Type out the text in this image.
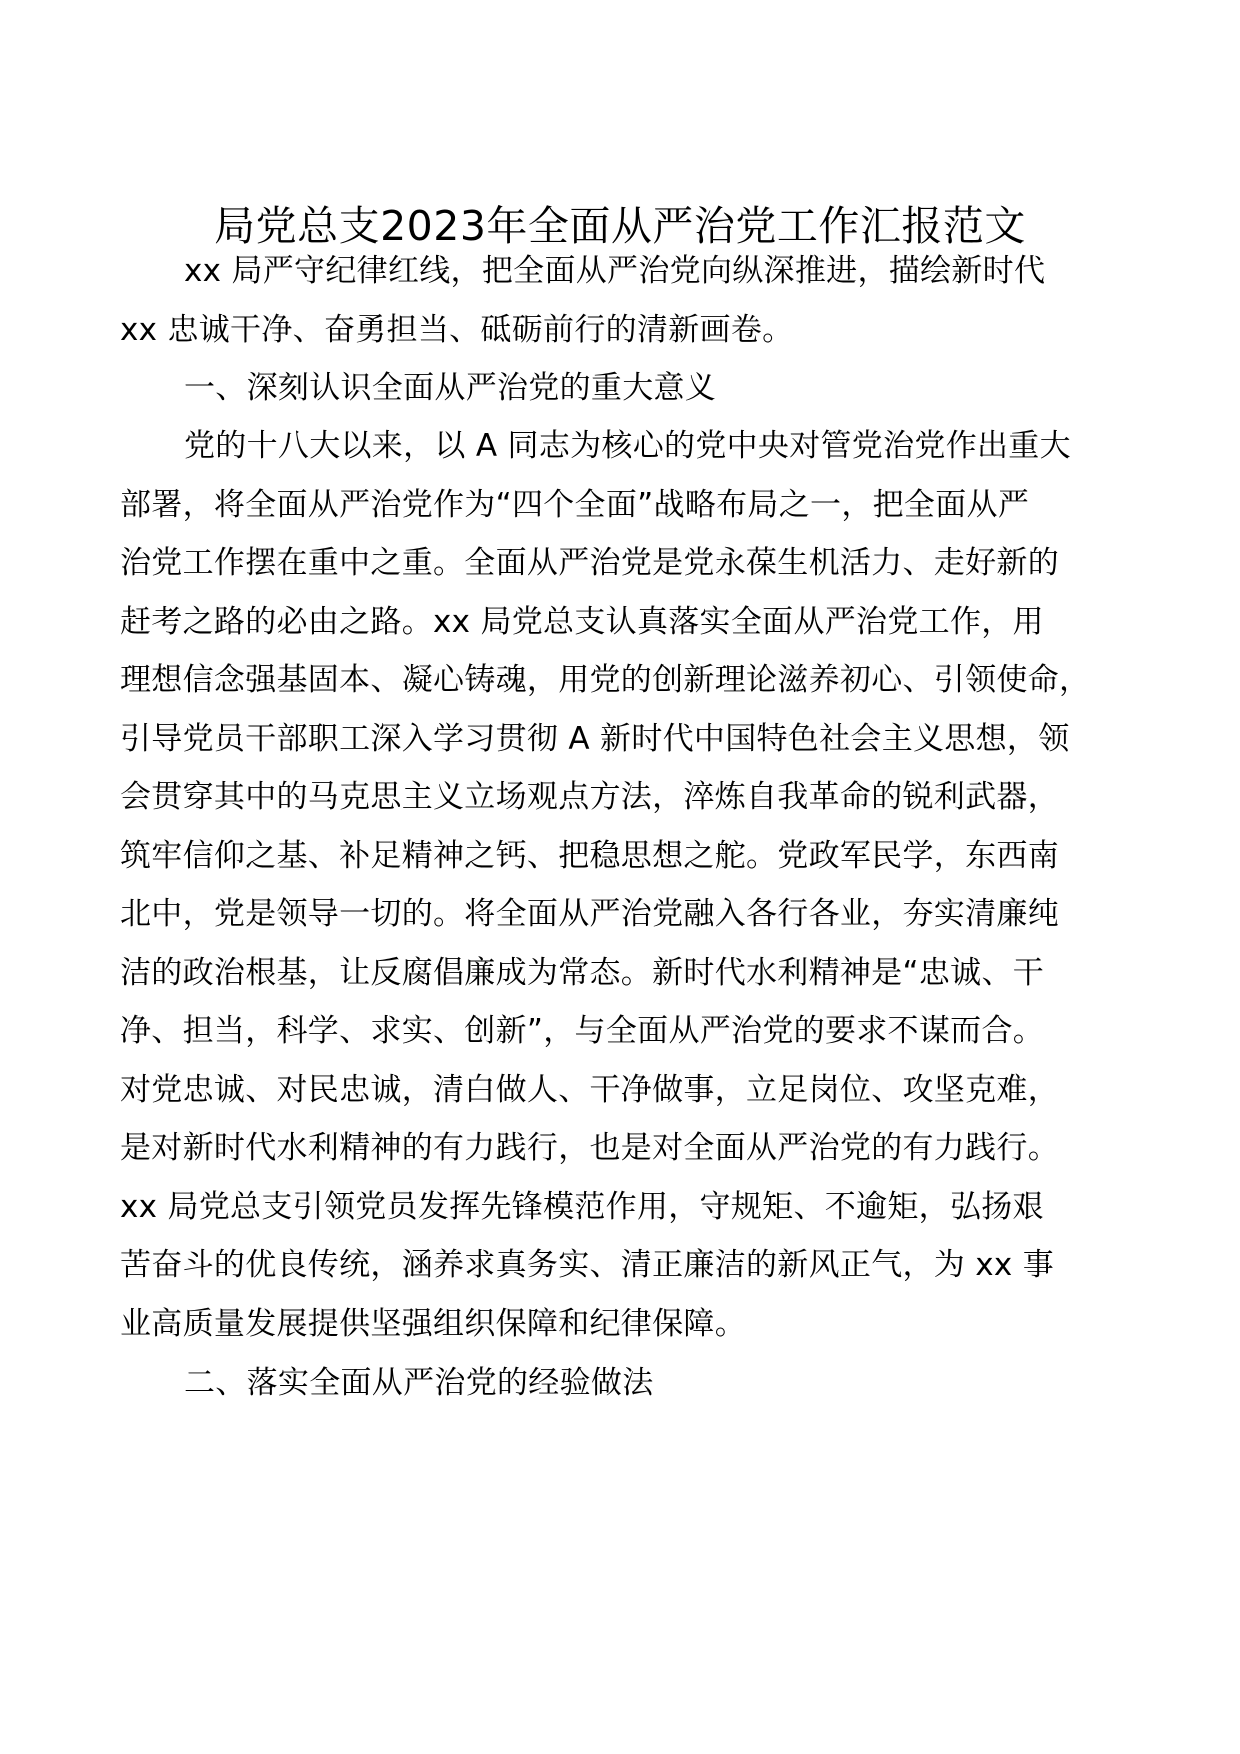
局党总支2023年全面从严治党工作汇报范文
xx 局严守纪律红线，把全面从严治党向纵深推进，描绘新时代
xx 忠诚干净、奋勇担当、砥砺前行的清新画卷。
一、深刻认识全面从严治党的重大意义
党的十八大以来，以 A 同志为核心的党中央对管党治党作出重大
部署，将全面从严治党作为“四个全面”战略布局之一，把全面从严
治党工作摆在重中之重。全面从严治党是党永葆生机活力、走好新的
赶考之路的必由之路。xx 局党总支认真落实全面从严治党工作，用
理想信念强基固本、凝心铸魂，用党的创新理论滋养初心、引领使命，
引导党员干部职工深入学习贯彻 A 新时代中国特色社会主义思想，领
会贯穿其中的马克思主义立场观点方法，淬炼自我革命的锐利武器，
筑牢信仰之基、补足精神之钙、把稳思想之舵。党政军民学，东西南
北中，党是领导一切的。将全面从严治党融入各行各业，夯实清廉纯
洁的政治根基，让反腐倡廉成为常态。新时代水利精神是“忠诚、干
净、担当，科学、求实、创新”，与全面从严治党的要求不谋而合。
对党忠诚、对民忠诚，清白做人、干净做事，立足岗位、攻坚克难，
是对新时代水利精神的有力践行，也是对全面从严治党的有力践行。
xx 局党总支引领党员发挥先锋模范作用，守规矩、不逾矩，弘扬艰
苦奋斗的优良传统，涵养求真务实、清正廉洁的新风正气，为 xx 事
业高质量发展提供坚强组织保障和纪律保障。
二、落实全面从严治党的经验做法
